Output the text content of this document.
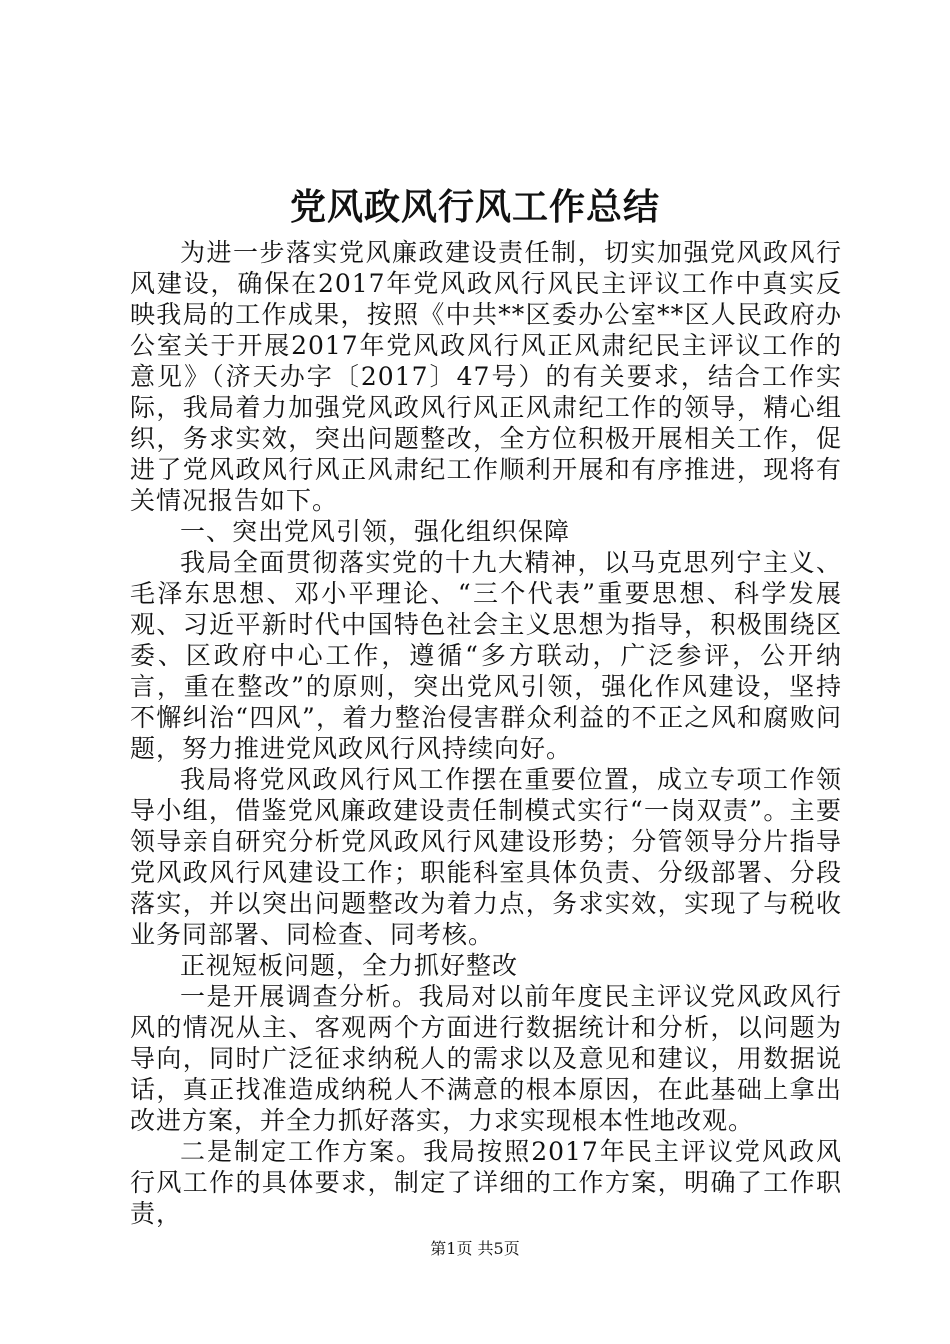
党风政风行风工作总结

为进一步落实党风廉政建设责任制，切实加强党风政风行风建设，确保在2017年党风政风行风民主评议工作中真实反映我局的工作成果，按照《中共**区委办公室**区人民政府办公室关于开展2017年党风政风行风正风肃纪民主评议工作的意见》（济天办字〔2017〕47号）的有关要求，结合工作实际，我局着力加强党风政风行风正风肃纪工作的领导，精心组织，务求实效，突出问题整改，全方位积极开展相关工作，促进了党风政风行风正风肃纪工作顺利开展和有序推进，现将有关情况报告如下。

一、突出党风引领，强化组织保障

我局全面贯彻落实党的十九大精神，以马克思列宁主义、毛泽东思想、邓小平理论、“三个代表”重要思想、科学发展观、习近平新时代中国特色社会主义思想为指导，积极围绕区委、区政府中心工作，遵循“多方联动，广泛参评，公开纳言，重在整改”的原则，突出党风引领，强化作风建设，坚持不懈纠治“四风”，着力整治侵害群众利益的不正之风和腐败问题，努力推进党风政风行风持续向好。

我局将党风政风行风工作摆在重要位置，成立专项工作领导小组，借鉴党风廉政建设责任制模式实行“一岗双责”。主要领导亲自研究分析党风政风行风建设形势；分管领导分片指导党风政风行风建设工作；职能科室具体负责、分级部署、分段落实，并以突出问题整改为着力点，务求实效，实现了与税收业务同部署、同检查、同考核。

正视短板问题，全力抓好整改

一是开展调查分析。我局对以前年度民主评议党风政风行风的情况从主、客观两个方面进行数据统计和分析，以问题为导向，同时广泛征求纳税人的需求以及意见和建议，用数据说话，真正找准造成纳税人不满意的根本原因，在此基础上拿出改进方案，并全力抓好落实，力求实现根本性地改观。

二是制定工作方案。我局按照2017年民主评议党风政风行风工作的具体要求，制定了详细的工作方案，明确了工作职责，

第1页 共5页
